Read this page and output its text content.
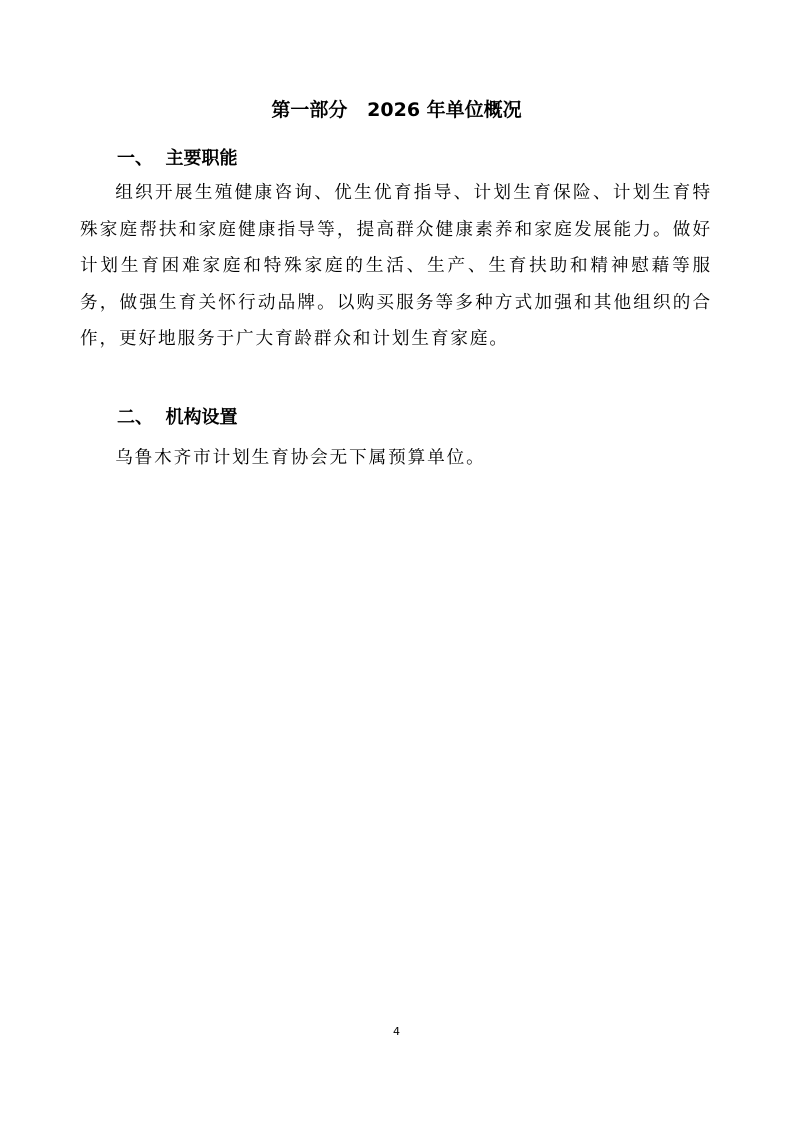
第一部分   2026 年单位概况
一、  主要职能
组织开展生殖健康咨询、优生优育指导、计划生育保险、计划生育特殊家庭帮扶和家庭健康指导等，提高群众健康素养和家庭发展能力。做好计划生育困难家庭和特殊家庭的生活、生产、生育扶助和精神慰藉等服务，做强生育关怀行动品牌。以购买服务等多种方式加强和其他组织的合作，更好地服务于广大育龄群众和计划生育家庭。
二、  机构设置
乌鲁木齐市计划生育协会无下属预算单位。
4
